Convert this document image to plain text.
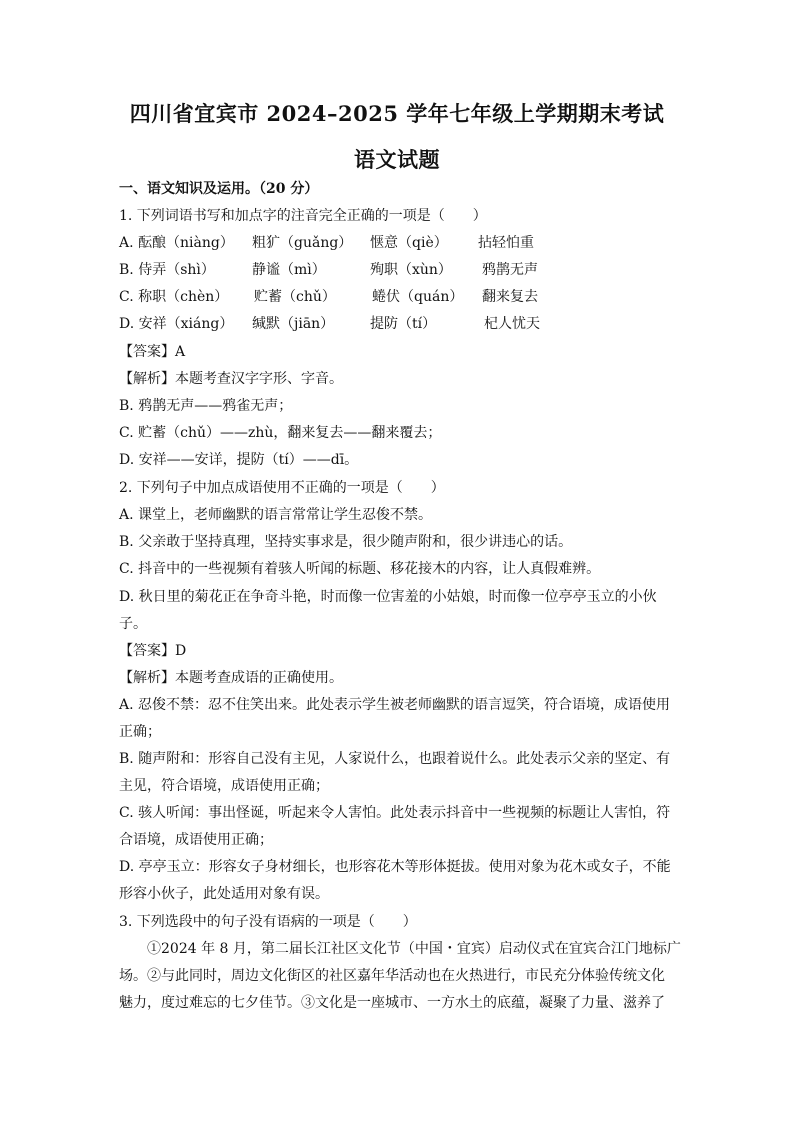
四川省宜宾市 2024–2025 学年七年级上学期期末考试
语文试题
一、语文知识及运用。（20 分）
1. 下列词语书写和加点字的注音完全正确的一项是（　　）
A. 酝酿（niàng） 粗犷（guǎng） 惬意（qiè） 拈轻怕重
B. 侍弄（shì）	静谧（mì）	殉职（xùn） 鸦鹊无声
C. 称职（chèn） 贮蓄（chǔ）	蜷伏（quán） 翻来复去
D. 安祥（xiáng） 缄默（jiān）	提防（tí）	杞人忧天
【答案】A
【解析】本题考查汉字字形、字音。
B. 鸦鹊无声——鸦雀无声；
C. 贮蓄（chǔ）——zhù，翻来复去——翻来覆去；
D. 安祥——安详，提防（tí）——dī。
2. 下列句子中加点成语使用不正确的一项是（　　）
A. 课堂上，老师幽默的语言常常让学生忍俊不禁。
B. 父亲敢于坚持真理，坚持实事求是，很少随声附和，很少讲违心的话。
C. 抖音中的一些视频有着骇人听闻的标题、移花接木的内容，让人真假难辨。
D. 秋日里的菊花正在争奇斗艳，时而像一位害羞的小姑娘，时而像一位亭亭玉立的小伙
子。
【答案】D
【解析】本题考查成语的正确使用。
A. 忍俊不禁：忍不住笑出来。此处表示学生被老师幽默的语言逗笑，符合语境，成语使用
正确；
B. 随声附和：形容自己没有主见，人家说什么，也跟着说什么。此处表示父亲的坚定、有
主见，符合语境，成语使用正确；
C. 骇人听闻：事出怪诞，听起来令人害怕。此处表示抖音中一些视频的标题让人害怕，符
合语境，成语使用正确；
D. 亭亭玉立：形容女子身材细长，也形容花木等形体挺拔。使用对象为花木或女子，不能
形容小伙子，此处适用对象有误。
3. 下列选段中的句子没有语病的一项是（　　）
①2024 年 8 月，第二届长江社区文化节（中国・宜宾）启动仪式在宜宾合江门地标广
场。②与此同时，周边文化街区的社区嘉年华活动也在火热进行，市民充分体验传统文化
魅力，度过难忘的七夕佳节。③文化是一座城市、一方水土的底蕴，凝聚了力量、滋养了
